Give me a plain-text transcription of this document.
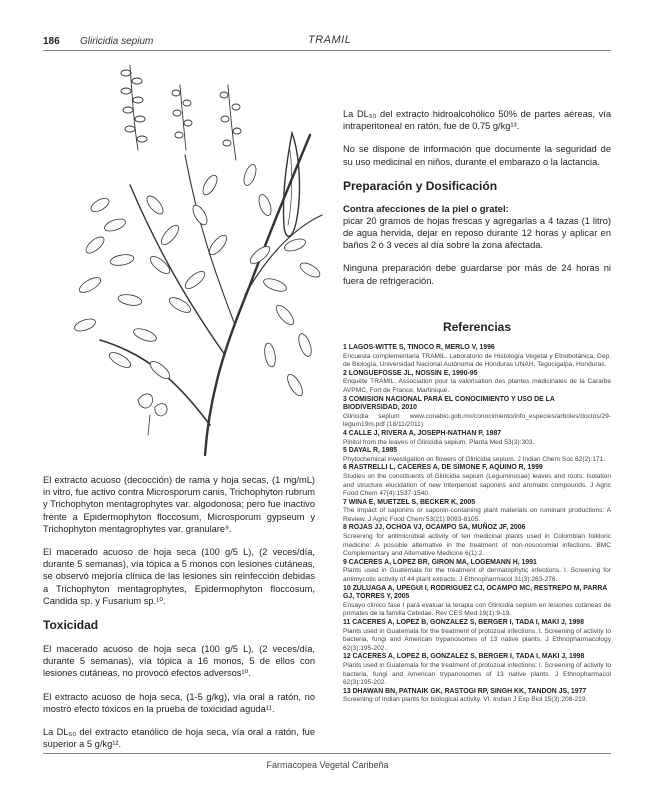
186 Gliricidia sepium	TRAMIL

El extracto acuoso (decocción) de rama y hoja secas, (1 mg/mL) in vitro, fue activo contra Microsporum canis, Trichophyton rubrum y Trichophyton mentagrophytes var. algodonosa; pero fue inactivo frente a Epidermophyton floccosum, Microsporum gypseum y Trichophyton mentagrophytes var. granulare⁹.

El macerado acuoso de hoja seca (100 g/5 L), (2 veces/día, durante 5 semanas), vía tópica a 5 monos con lesiones cutáneas, se observó mejoría clínica de las lesiones sin reinfección debidas a Trichophyton mentagrophytes, Epidermophyton floccosum, Candida sp. y Fusarium sp.¹⁰.

Toxicidad

El macerado acuoso de hoja seca (100 g/5 L), (2 veces/día, durante 5 semanas), vía tópica a 16 monos, 5 de ellos con lesiones cutáneas, no provocó efectos adversos¹⁰.

El extracto acuoso de hoja seca, (1-5 g/kg), vía oral a ratón, no mostró efecto tóxicos en la prueba de toxicidad aguda¹¹.

La DL₅₀ del extracto etanólico de hoja seca, vía oral a ratón, fue superior a 5 g/kg¹².

La DL₅₀ del extracto hidroalcohólico 50% de partes aéreas, vía intraperitoneal en ratón, fue de 0.75 g/kg¹³.

No se dispone de información que documente la seguridad de su uso medicinal en niños, durante el embarazo o la lactancia.

Preparación y Dosificación
Contra afecciones de la piel o gratel:

picar 20 gramos de hojas frescas y agregarlas a 4 tazas (1 litro) de agua hervida, dejar en reposo durante 12 horas y aplicar en baños 2 ó 3 veces al día sobre la zona afectada.

Ninguna preparación debe guardarse por más de 24 horas ni fuera de refrigeración.

Referencias

1 LAGOS-WITTE S, TINOCO R, MERLO V, 1996

Encuesta complementaria TRAMIL. Laboratorio de Histología Vegetal y Etnobotánica, Dep. de Biología, Universidad Nacional Autónoma de Honduras UNAH, Tegucigalpa, Honduras.

2 LONGUEFOSSE JL, NOSSIN E, 1990-95

Enquête TRAMIL. Association pour la valorisation des plantes médicinales de la Caraïbe AVPMC, Fort de France, Martinique.

3 COMISION NACIONAL PARA EL CONOCIMIENTO Y USO DE LA BIODIVERSIDAD, 2010

Gliricidia sepium www.conabio.gob.mx/conocimiento/info_especies/arboles/doctos/29-legum19m.pdf (18/11/2011)

4 CALLE J, RIVERA A, JOSEPH-NATHAN P, 1987

Pinitol from the leaves of Gliricidia sepium. Planta Med 53(3):303.

5 DAYAL R, 1985

Phytochemical investigation on flowers of Gliricidia sepium. J Indian Chem Soc 62(2):171.

6 RASTRELLI L, CACERES A, DE SIMONE F, AQUINO R, 1999

Studies on the constituents of Gliricidia sepium (Leguminosae) leaves and roots: Isolation and structure elucidation of new triterpenoid saponins and aromatic compounds. J Agric Food Chem 47(4):1537-1540.

7 WINA E, MUETZEL S, BECKER K, 2005

The Impact of saponins or saponin-containing plant materials on ruminant productions: A Review. J Agric Food Chem 53(21):8093-8105.

8 ROJAS JJ, OCHOA VJ, OCAMPO SA, MUÑOZ JF, 2006

Screening for antimicrobial activity of ten medicinal plants used in Colombian folkloric medicine: A possible alternative in the treatment of non-nosocomial infections. BMC Complementary and Alternative Medicine 6(1):2.

9 CACERES A, LOPEZ BR, GIRON MA, LOGEMANN H, 1991

Plants used in Guatemala for the treatment of dermatophytic infections. I. Screening for antimycotic activity of 44 plant extracts. J Ethnopharmacol 31(3):263-276.

10 ZULUAGA A, UPEGUI I, RODRIGUEZ CJ, OCAMPO MC, RESTREPO M, PARRA GJ, TORRES Y, 2005

Ensayo clínico fase I para evaluar la terapia con Gliricidia sepium en lesiones cutáneas de primates de la familia Cebidae. Rev CES Med 19(1):9-19.

11 CACERES A, LOPEZ B, GONZALEZ S, BERGER I, TADA I, MAKI J, 1998

Plants used in Guatemala for the treatment of protozoal infections. I. Screening of activity to bacteria, fungi and American trypanosomes of 13 native plants. J Ethnopharmacology 62(3):195-202.

12 CACERES A, LOPEZ B, GONZALEZ S, BERGER I, TADA I, MAKI J, 1998

Plants used in Guatemala for the treatment of protozoal infections: I. Screening of activity to bacteria, fungi and American trypanosomes of 13 native plants. J Ethnopharmacol 62(3):195-202.

13 DHAWAN BN, PATNAIK GK, RASTOGI RP, SINGH KK, TANDON JS, 1977

Screening of Indian plants for biological activity. VI. Indian J Exp Biol 15(3):208-219.

Farmacopea Vegetal Caribeña
